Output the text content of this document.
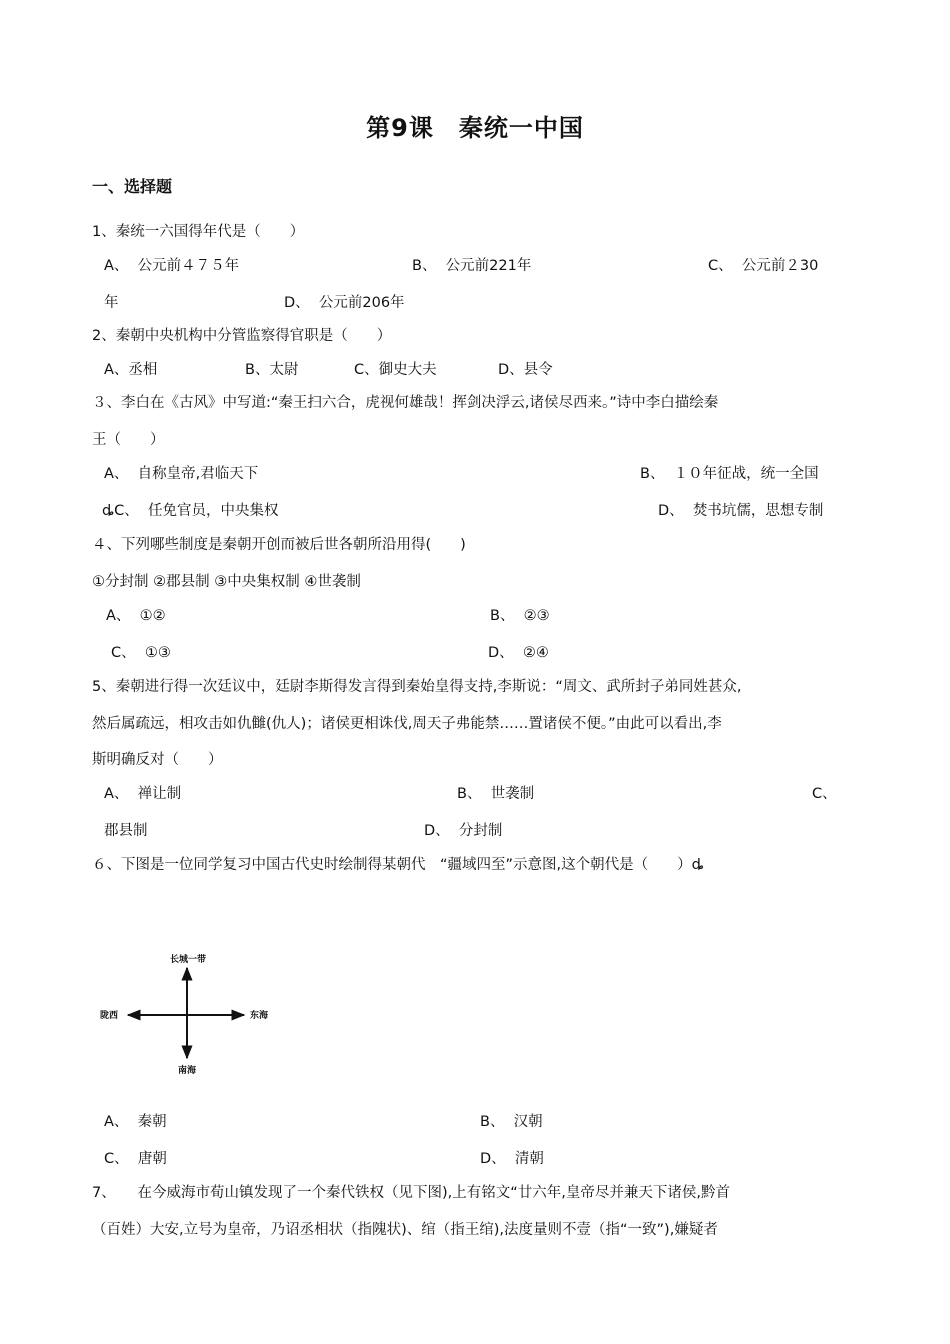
第9课　秦统一中国
一、选择题
1、秦统一六国得年代是（　　）
A、  公元前４７５年	B、  公元前221年	C、  公元前２30
年	D、  公元前206年
2、秦朝中央机构中分管监察得官职是（　　）
A、丞相	B、太尉	C、御史大夫	D、县令
３、李白在《古风》中写道:“秦王扫六合，虎视何雄哉！挥剑决浮云,诸侯尽西来。”诗中李白描绘秦
王（　　）
A、  自称皇帝,君临天下	B、  １０年征战，统一全国
ȡC、  任免官员，中央集权	D、  焚书坑儒，思想专制
４、下列哪些制度是秦朝开创而被后世各朝所沿用得(　　)
①分封制 ②郡县制 ③中央集权制 ④世袭制
A、  ①②	B、  ②③
C、  ①③	D、  ②④
5、秦朝进行得一次廷议中，廷尉李斯得发言得到秦始皇得支持,李斯说：“周文、武所封子弟同姓甚众,
然后属疏远，相攻击如仇雠(仇人)；诸侯更相诛伐,周天子弗能禁……置诸侯不便。”由此可以看出,李
斯明确反对（　　）
A、  禅让制	B、  世袭制	C、
郡县制	D、  分封制
６、下图是一位同学复习中国古代史时绘制得某朝代　“疆域四至”示意图,这个朝代是（　　）ȡ
长城一带
陇西	东海
南海
A、  秦朝	B、  汉朝
C、  唐朝	D、  清朝
7、　　在今威海市荀山镇发现了一个秦代铁权（见下图),上有铭文“廿六年,皇帝尽并兼天下诸侯,黔首
（百姓）大安,立号为皇帝，乃诏丞相状（指隗状)、绾（指王绾),法度量则不壹（指“一致”),嫌疑者
